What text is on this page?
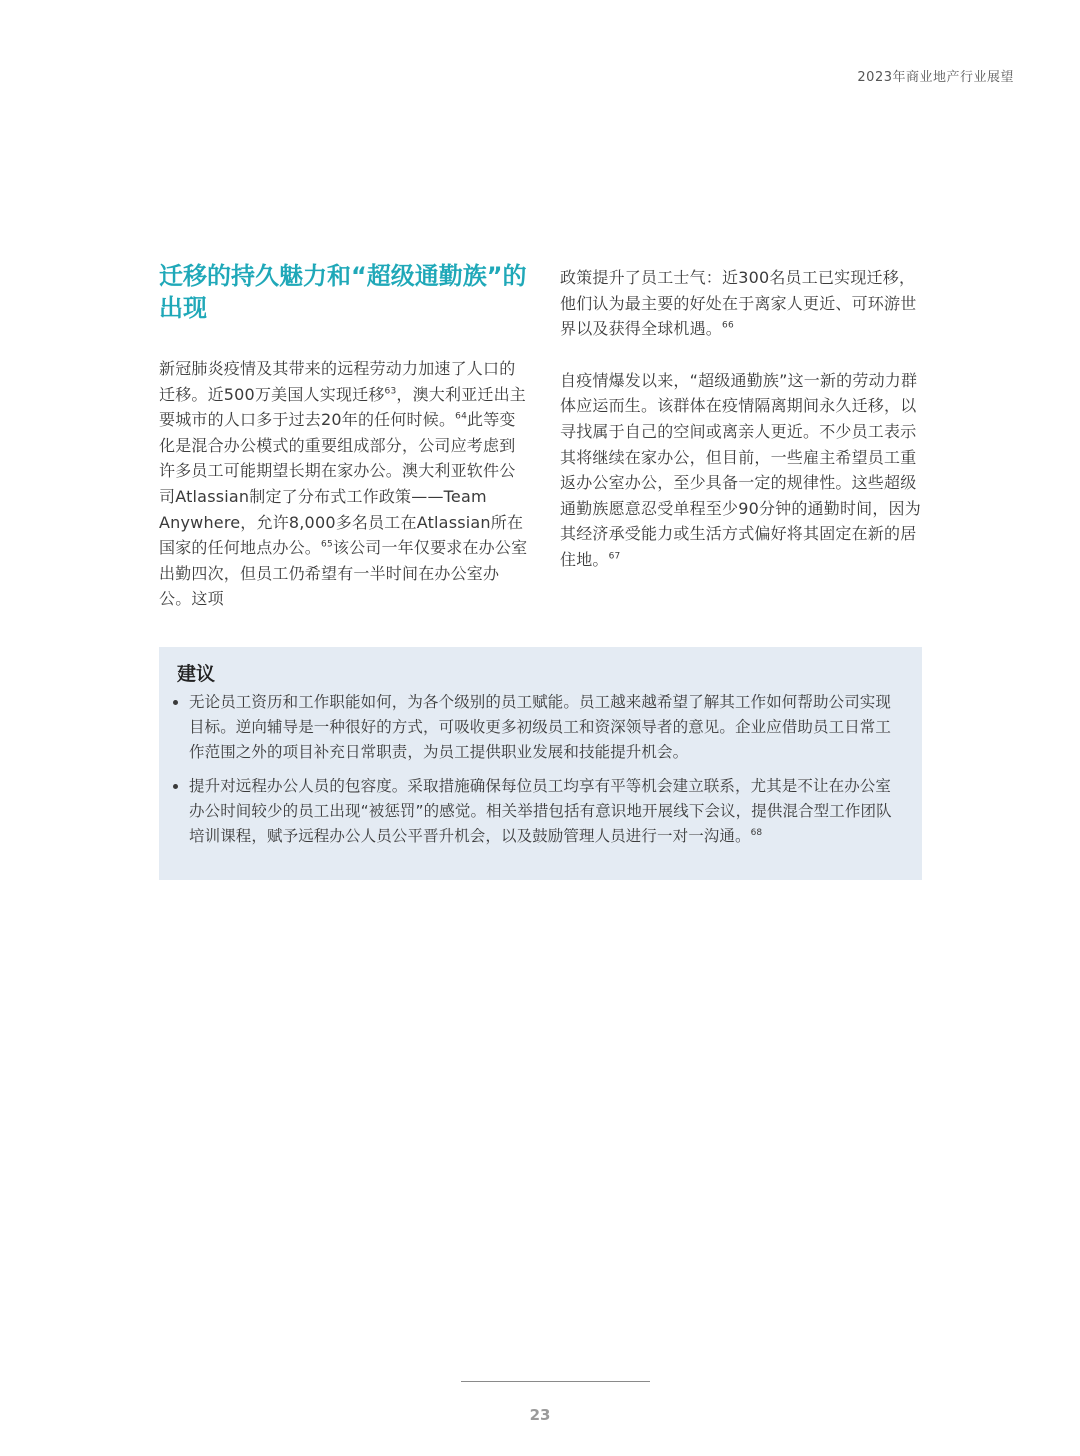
2023年商业地产行业展望
迁移的持久魅力和“超级通勤族”的出现

新冠肺炎疫情及其带来的远程劳动力加速了人口的迁移。近500万美国人实现迁移$^{63}$，澳大利亚迁出主要城市的人口多于过去20年的任何时候。$^{64}$此等变化是混合办公模式的重要组成部分，公司应考虑到许多员工可能期望长期在家办公。澳大利亚软件公司Atlassian制定了分布式工作政策——Team Anywhere，允许8,000多名员工在Atlassian所在国家的任何地点办公。$^{65}$该公司一年仅要求在办公室出勤四次，但员工仍希望有一半时间在办公室办公。这项

政策提升了员工士气：近300名员工已实现迁移，他们认为最主要的好处在于离家人更近、可环游世界以及获得全球机遇。$^{66}$

自疫情爆发以来，“超级通勤族”这一新的劳动力群体应运而生。该群体在疫情隔离期间永久迁移，以寻找属于自己的空间或离亲人更近。不少员工表示其将继续在家办公，但目前，一些雇主希望员工重返办公室办公，至少具备一定的规律性。这些超级通勤族愿意忍受单程至少90分钟的通勤时间，因为其经济承受能力或生活方式偏好将其固定在新的居住地。$^{67}$

建议
无论员工资历和工作职能如何，为各个级别的员工赋能。员工越来越希望了解其工作如何帮助公司实现目标。逆向辅导是一种很好的方式，可吸收更多初级员工和资深领导者的意见。企业应借助员工日常工作范围之外的项目补充日常职责，为员工提供职业发展和技能提升机会。
提升对远程办公人员的包容度。采取措施确保每位员工均享有平等机会建立联系，尤其是不让在办公室办公时间较少的员工出现“被惩罚”的感觉。相关举措包括有意识地开展线下会议，提供混合型工作团队培训课程，赋予远程办公人员公平晋升机会，以及鼓励管理人员进行一对一沟通。$^{68}$
23
